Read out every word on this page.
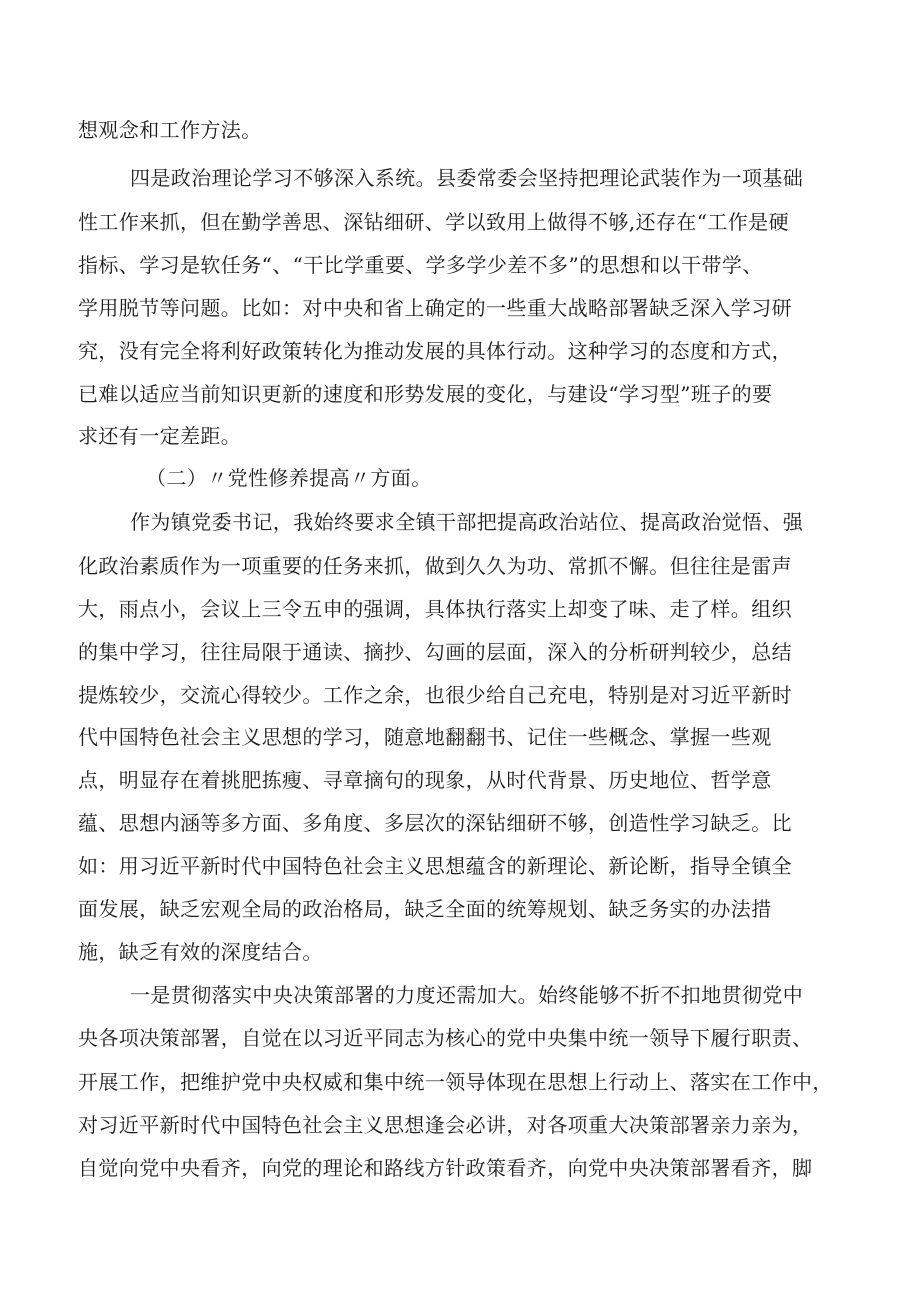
想观念和工作方法。
四是政治理论学习不够深入系统。县委常委会坚持把理论武装作为一项基础
性工作来抓，但在勤学善思、深钻细研、学以致用上做得不够,还存在“工作是硬
指标、学习是软任务“、“干比学重要、学多学少差不多”的思想和以干带学、
学用脱节等问题。比如：对中央和省上确定的一些重大战略部署缺乏深入学习研
究，没有完全将利好政策转化为推动发展的具体行动。这种学习的态度和方式，
已难以适应当前知识更新的速度和形势发展的变化，与建设“学习型”班子的要
求还有一定差距。
（二）〃党性修养提高〃方面。
作为镇党委书记，我始终要求全镇干部把提高政治站位、提高政治觉悟、强
化政治素质作为一项重要的任务来抓，做到久久为功、常抓不懈。但往往是雷声
大，雨点小，会议上三令五申的强调，具体执行落实上却变了味、走了样。组织
的集中学习，往往局限于通读、摘抄、勾画的层面，深入的分析研判较少，总结
提炼较少，交流心得较少。工作之余，也很少给自己充电，特别是对习近平新时
代中国特色社会主义思想的学习，随意地翻翻书、记住一些概念、掌握一些观
点，明显存在着挑肥拣瘦、寻章摘句的现象，从时代背景、历史地位、哲学意
蕴、思想内涵等多方面、多角度、多层次的深钻细研不够，创造性学习缺乏。比
如：用习近平新时代中国特色社会主义思想蕴含的新理论、新论断，指导全镇全
面发展，缺乏宏观全局的政治格局，缺乏全面的统筹规划、缺乏务实的办法措
施，缺乏有效的深度结合。
一是贯彻落实中央决策部署的力度还需加大。始终能够不折不扣地贯彻党中
央各项决策部署，自觉在以习近平同志为核心的党中央集中统一领导下履行职责、
开展工作，把维护党中央权威和集中统一领导体现在思想上行动上、落实在工作中，
对习近平新时代中国特色社会主义思想逢会必讲，对各项重大决策部署亲力亲为，
自觉向党中央看齐，向党的理论和路线方针政策看齐，向党中央决策部署看齐，脚
